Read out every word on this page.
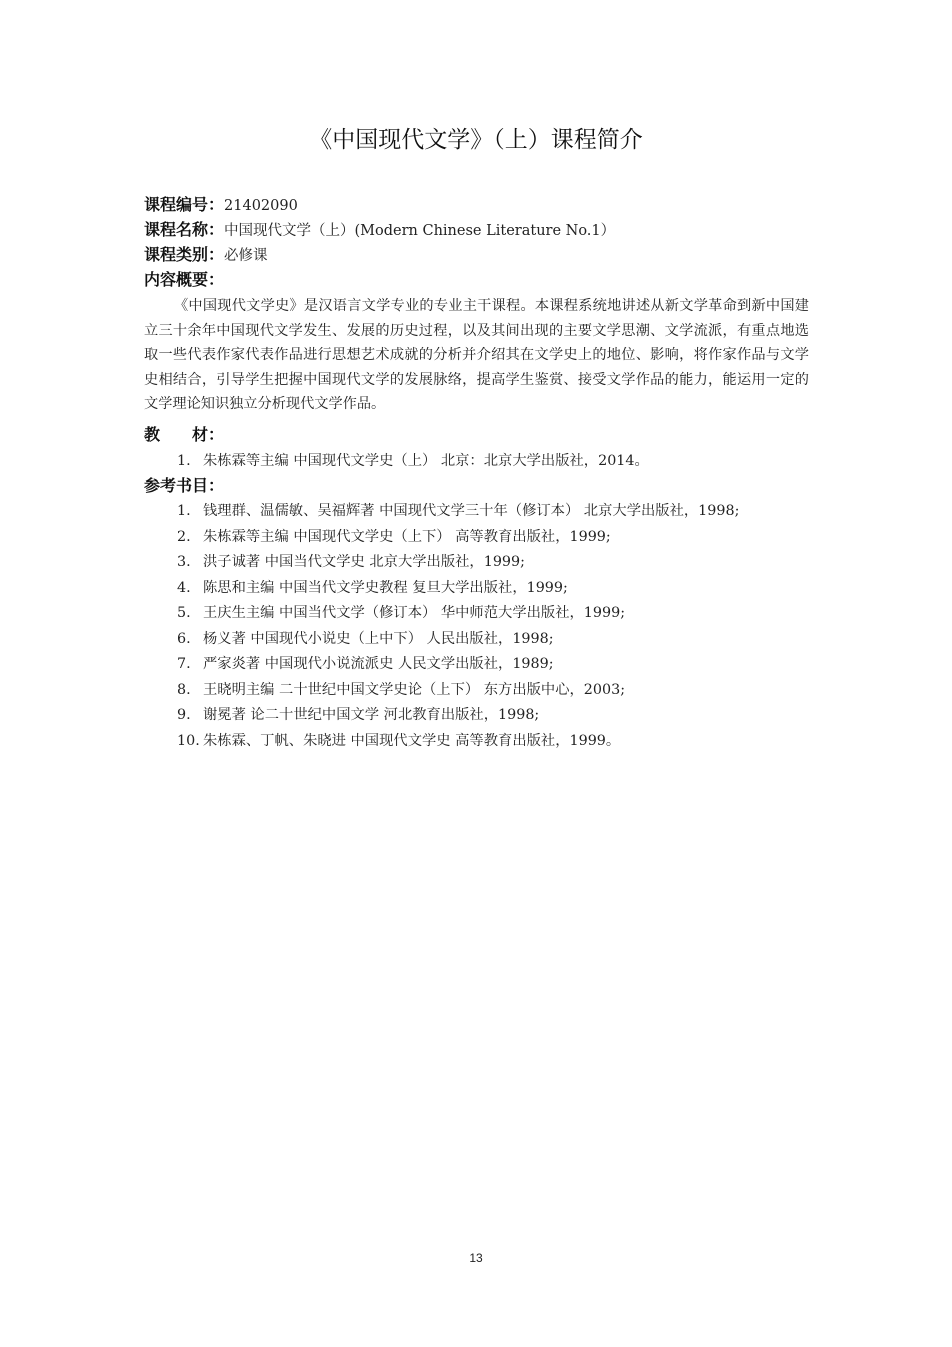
《中国现代文学》（上）课程简介
课程编号：21402090
课程名称：中国现代文学（上）(Modern Chinese Literature No.1）
课程类别：必修课
内容概要：

《中国现代文学史》是汉语言文学专业的专业主干课程。本课程系统地讲述从新文学革命到新中国建立三十余年中国现代文学发生、发展的历史过程，以及其间出现的主要文学思潮、文学流派，有重点地选取一些代表作家代表作品进行思想艺术成就的分析并介绍其在文学史上的地位、影响，将作家作品与文学史相结合，引导学生把握中国现代文学的发展脉络，提高学生鉴赏、接受文学作品的能力，能运用一定的文学理论知识独立分析现代文学作品。

教　　材：
1. 朱栋霖等主编 中国现代文学史（上） 北京：北京大学出版社，2014。
参考书目：
1. 钱理群、温儒敏、吴福辉著 中国现代文学三十年（修订本） 北京大学出版社，1998;
2. 朱栋霖等主编 中国现代文学史（上下） 高等教育出版社，1999;
3. 洪子诚著 中国当代文学史 北京大学出版社，1999;
4. 陈思和主编 中国当代文学史教程 复旦大学出版社，1999;
5. 王庆生主编 中国当代文学（修订本） 华中师范大学出版社，1999;
6. 杨义著 中国现代小说史（上中下） 人民出版社，1998;
7. 严家炎著 中国现代小说流派史 人民文学出版社，1989;
8. 王晓明主编 二十世纪中国文学史论（上下） 东方出版中心，2003;
9. 谢冕著 论二十世纪中国文学 河北教育出版社，1998;
10. 朱栋霖、丁帆、朱晓进 中国现代文学史 高等教育出版社，1999。
13
